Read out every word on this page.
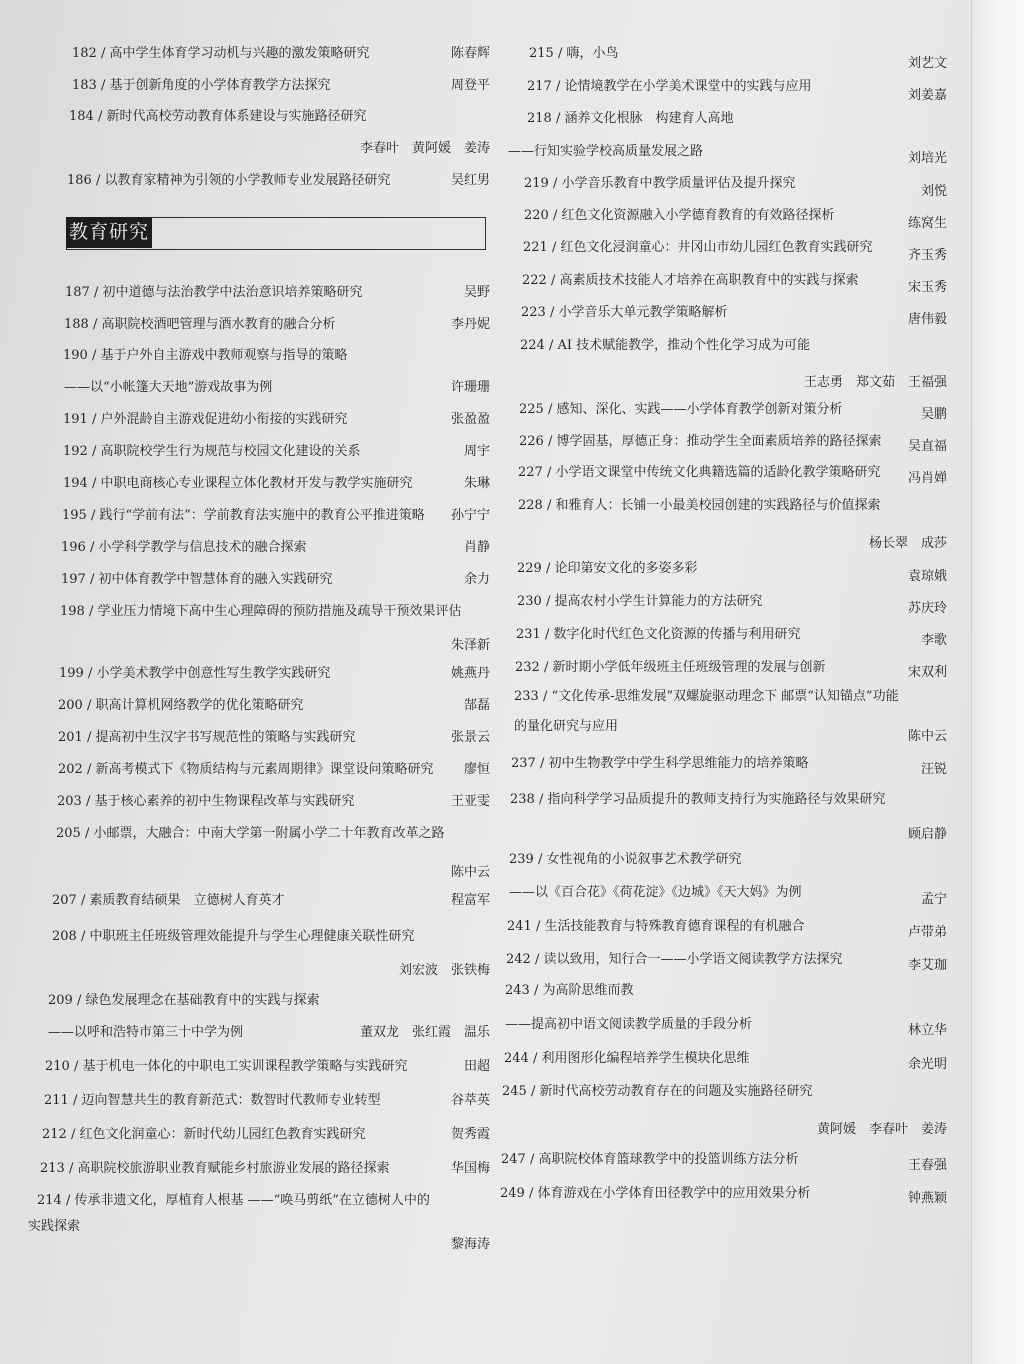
教育研究
182 / 高中学生体育学习动机与兴趣的激发策略研究	陈春辉
183 / 基于创新角度的小学体育教学方法探究	周登平
184 / 新时代高校劳动教育体系建设与实施路径研究
李春叶　黄阿媛　姜涛
186 / 以教育家精神为引领的小学教师专业发展路径研究	吴红男
187 / 初中道德与法治教学中法治意识培养策略研究	吴野
188 / 高职院校酒吧管理与酒水教育的融合分析	李丹妮
190 / 基于户外自主游戏中教师观察与指导的策略
——以“小帐篷大天地”游戏故事为例	许珊珊
191 / 户外混龄自主游戏促进幼小衔接的实践研究	张盈盈
192 / 高职院校学生行为规范与校园文化建设的关系	周宇
194 / 中职电商核心专业课程立体化教材开发与教学实施研究	朱琳
195 / 践行“学前有法”：学前教育法实施中的教育公平推进策略 孙宁宁
196 / 小学科学教学与信息技术的融合探索	肖静
197 / 初中体育教学中智慧体育的融入实践研究	余力
198 / 学业压力情境下高中生心理障碍的预防措施及疏导干预效果评估
朱泽新
199 / 小学美术教学中创意性写生教学实践研究	姚燕丹
200 / 职高计算机网络教学的优化策略研究	郜磊
201 / 提高初中生汉字书写规范性的策略与实践研究	张景云
202 / 新高考模式下《物质结构与元素周期律》课堂设问策略研究 廖恒
203 / 基于核心素养的初中生物课程改革与实践研究	王亚雯
205 / 小邮票，大融合：中南大学第一附属小学二十年教育改革之路
陈中云
207 / 素质教育结硕果　立德树人育英才	程富军
208 / 中职班主任班级管理效能提升与学生心理健康关联性研究
刘宏波　张铁梅
209 / 绿色发展理念在基础教育中的实践与探索
——以呼和浩特市第三十中学为例	董双龙　张红霞　温乐
210 / 基于机电一体化的中职电工实训课程教学策略与实践研究	田超
211 / 迈向智慧共生的教育新范式：数智时代教师专业转型	谷萃英
212 / 红色文化润童心：新时代幼儿园红色教育实践研究	贺秀霞
213 / 高职院校旅游职业教育赋能乡村旅游业发展的路径探索	华国梅
214 / 传承非遗文化，厚植育人根基 ——“唤马剪纸”在立德树人中的
实践探索
黎海涛
215 / 嗨，小鸟
刘艺文
217 / 论情境教学在小学美术课堂中的实践与应用
刘姜嘉
218 / 涵养文化根脉　构建育人高地
——行知实验学校高质量发展之路	刘培光
219 / 小学音乐教育中教学质量评估及提升探究
刘悦
220 / 红色文化资源融入小学德育教育的有效路径探析
练窝生
221 / 红色文化浸润童心：井冈山市幼儿园红色教育实践研究
齐玉秀
222 / 高素质技术技能人才培养在高职教育中的实践与探索	宋玉秀
223 / 小学音乐大单元教学策略解析	唐伟毅
224 / AI 技术赋能教学，推动个性化学习成为可能
王志勇　郑文茹　王福强
225 / 感知、深化、实践——小学体育教学创新对策分析	吴鹏
226 / 博学固基，厚德正身：推动学生全面素质培养的路径探索 吴直福
227 / 小学语文课堂中传统文化典籍选篇的适龄化教学策略研究 冯肖婵
228 / 和雅育人：长铺一小最美校园创建的实践路径与价值探索
杨长翠　成莎
229 / 论印第安文化的多姿多彩
袁琼娥
230 / 提高农村小学生计算能力的方法研究	苏庆玲
231 / 数字化时代红色文化资源的传播与利用研究	李歌
232 / 新时期小学低年级班主任班级管理的发展与创新	宋双利
233 / “文化传承-思维发展”双螺旋驱动理念下 邮票“认知锚点”功能
的量化研究与应用
陈中云
237 / 初中生物教学中学生科学思维能力的培养策略	汪锐
238 / 指向科学学习品质提升的教师支持行为实施路径与效果研究
顾启静
239 / 女性视角的小说叙事艺术教学研究
——以《百合花》《荷花淀》《边城》《天大妈》为例	孟宁
241 / 生活技能教育与特殊教育德育课程的有机融合	卢带弟
242 / 读以致用，知行合一——小学语文阅读教学方法探究	李艾珈
243 / 为高阶思维而教
——提高初中语文阅读教学质量的手段分析	林立华
244 / 利用图形化编程培养学生模块化思维	余光明
245 / 新时代高校劳动教育存在的问题及实施路径研究
黄阿媛　李春叶　姜涛
247 / 高职院校体育篮球教学中的投篮训练方法分析	王春强
249 / 体育游戏在小学体育田径教学中的应用效果分析	钟燕颖
